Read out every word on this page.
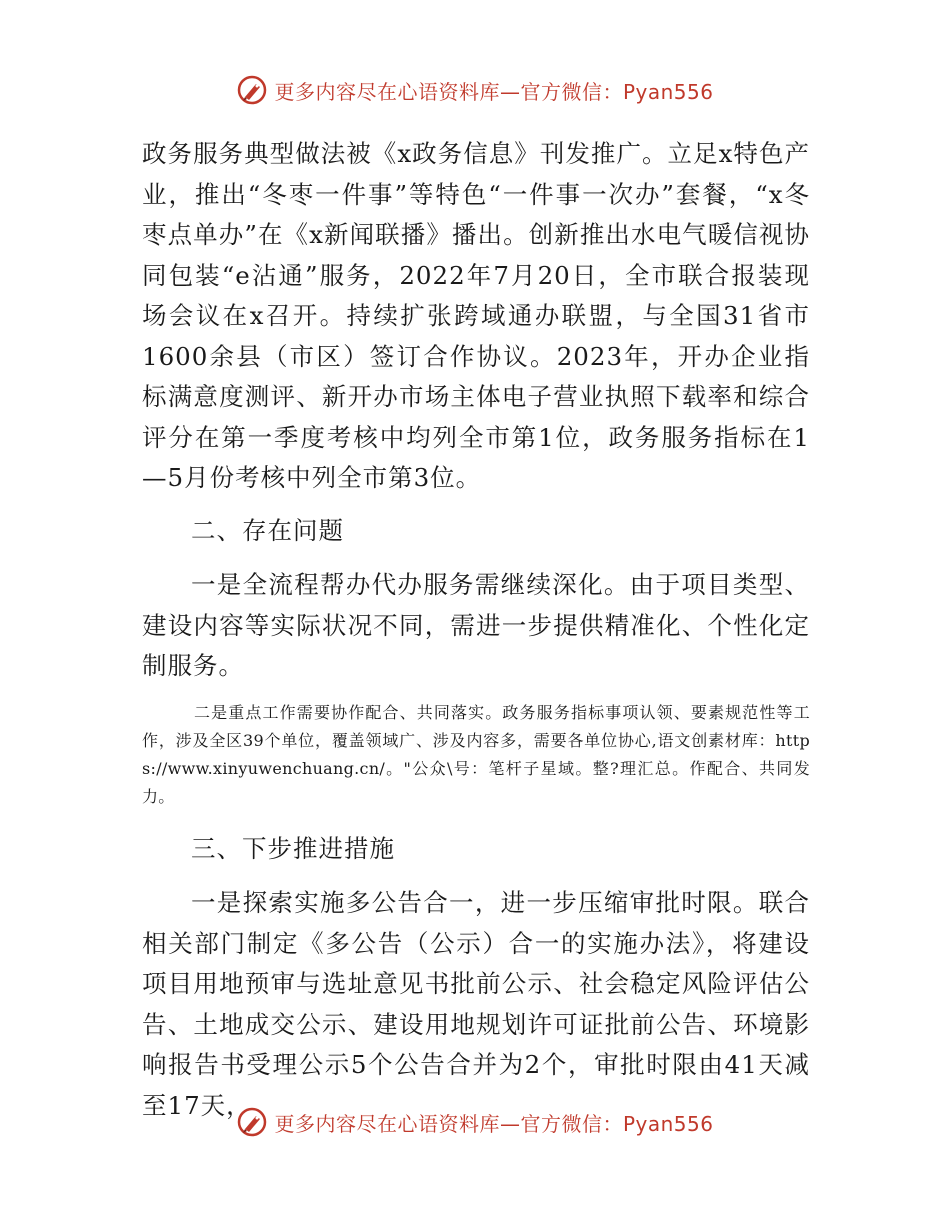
更多内容尽在心语资料库—官方微信：Pyan556

政务服务典型做法被《x政务信息》刊发推广。立足x特色产业，推出“冬枣一件事”等特色“一件事一次办”套餐，“x冬枣点单办”在《x新闻联播》播出。创新推出水电气暖信视协同包装“e沾通”服务，2022年7月20日，全市联合报装现场会议在x召开。持续扩张跨域通办联盟，与全国31省市1600余县（市区）签订合作协议。2023年，开办企业指标满意度测评、新开办市场主体电子营业执照下载率和综合评分在第一季度考核中均列全市第1位，政务服务指标在1—5月份考核中列全市第3位。

二、存在问题

一是全流程帮办代办服务需继续深化。由于项目类型、建设内容等实际状况不同，需进一步提供精准化、个性化定制服务。

二是重点工作需要协作配合、共同落实。政务服务指标事项认领、要素规范性等工作，涉及全区39个单位，覆盖领域广、涉及内容多，需要各单位协心,语文创素材库：https://www.xinyuwenchuang.cn/。"公众\号：笔杆子星域。整?理汇总。作配合、共同发力。

三、下步推进措施

一是探索实施多公告合一，进一步压缩审批时限。联合相关部门制定《多公告（公示）合一的实施办法》，将建设项目用地预审与选址意见书批前公示、社会稳定风险评估公告、土地成交公示、建设用地规划许可证批前公告、环境影响报告书受理公示5个公告合并为2个，审批时限由41天减至17天，

更多内容尽在心语资料库—官方微信：Pyan556
